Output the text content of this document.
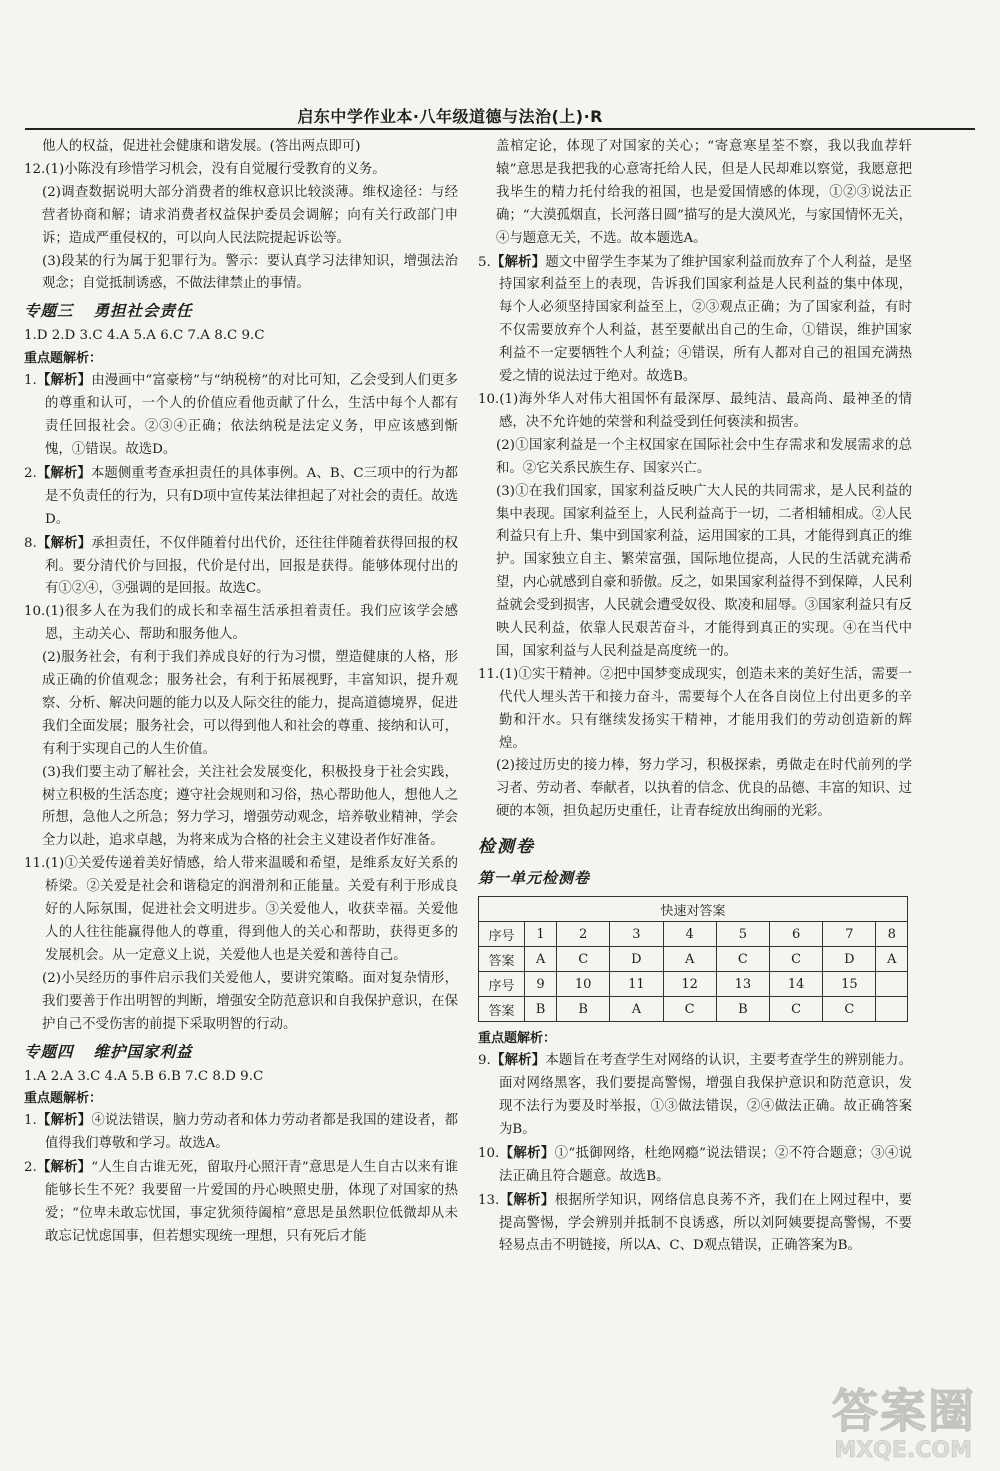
启东中学作业本·八年级道德与法治(上)·R

他人的权益，促进社会健康和谐发展。(答出两点即可)

12.(1)小陈没有珍惜学习机会，没有自觉履行受教育的义务。

(2)调查数据说明大部分消费者的维权意识比较淡薄。维权途径：与经营者协商和解；请求消费者权益保护委员会调解；向有关行政部门申诉；造成严重侵权的，可以向人民法院提起诉讼等。

(3)段某的行为属于犯罪行为。警示：要认真学习法律知识，增强法治观念；自觉抵制诱惑，不做法律禁止的事情。

专题三 勇担社会责任

1.D 2.D 3.C 4.A 5.A 6.C 7.A 8.C 9.C

重点题解析：

1.【解析】由漫画中“富豪榜”与“纳税榜”的对比可知，乙会受到人们更多的尊重和认可，一个人的价值应看他贡献了什么，生活中每个人都有责任回报社会。②③④正确；依法纳税是法定义务，甲应该感到惭愧，①错误。故选D。

2.【解析】本题侧重考查承担责任的具体事例。A、B、C三项中的行为都是不负责任的行为，只有D项中宣传某法律担起了对社会的责任。故选D。

8.【解析】承担责任，不仅伴随着付出代价，还往往伴随着获得回报的权利。要分清代价与回报，代价是付出，回报是获得。能够体现付出的有①②④，③强调的是回报。故选C。

10.(1)很多人在为我们的成长和幸福生活承担着责任。我们应该学会感恩，主动关心、帮助和服务他人。

(2)服务社会，有利于我们养成良好的行为习惯，塑造健康的人格，形成正确的价值观念；服务社会，有利于拓展视野，丰富知识，提升观察、分析、解决问题的能力以及人际交往的能力，提高道德境界，促进我们全面发展；服务社会，可以得到他人和社会的尊重、接纳和认可，有利于实现自己的人生价值。

(3)我们要主动了解社会，关注社会发展变化，积极投身于社会实践，树立积极的生活态度；遵守社会规则和习俗，热心帮助他人，想他人之所想，急他人之所急；努力学习，增强劳动观念，培养敬业精神，学会全力以赴，追求卓越，为将来成为合格的社会主义建设者作好准备。

11.(1)①关爱传递着美好情感，给人带来温暖和希望，是维系友好关系的桥梁。②关爱是社会和谐稳定的润滑剂和正能量。关爱有利于形成良好的人际氛围，促进社会文明进步。③关爱他人，收获幸福。关爱他人的人往往能赢得他人的尊重，得到他人的关心和帮助，获得更多的发展机会。从一定意义上说，关爱他人也是关爱和善待自己。

(2)小吴经历的事件启示我们关爱他人，要讲究策略。面对复杂情形，我们要善于作出明智的判断，增强安全防范意识和自我保护意识，在保护自己不受伤害的前提下采取明智的行动。

专题四 维护国家利益

1.A 2.A 3.C 4.A 5.B 6.B 7.C 8.D 9.C

重点题解析：

1.【解析】④说法错误，脑力劳动者和体力劳动者都是我国的建设者，都值得我们尊敬和学习。故选A。

2.【解析】“人生自古谁无死，留取丹心照汗青”意思是人生自古以来有谁能够长生不死？我要留一片爱国的丹心映照史册，体现了对国家的热爱；“位卑未敢忘忧国，事定犹须待阖棺”意思是虽然职位低微却从未敢忘记忧虑国事，但若想实现统一理想，只有死后才能

盖棺定论，体现了对国家的关心；“寄意寒星荃不察，我以我血荐轩辕”意思是我把我的心意寄托给人民，但是人民却难以察觉，我愿意把我毕生的精力托付给我的祖国，也是爱国情感的体现，①②③说法正确；“大漠孤烟直，长河落日圆”描写的是大漠风光，与家国情怀无关，④与题意无关，不选。故本题选A。

5.【解析】题文中留学生李某为了维护国家利益而放弃了个人利益，是坚持国家利益至上的表现，告诉我们国家利益是人民利益的集中体现，每个人必须坚持国家利益至上，②③观点正确；为了国家利益，有时不仅需要放弃个人利益，甚至要献出自己的生命，①错误，维护国家利益不一定要牺牲个人利益；④错误，所有人都对自己的祖国充满热爱之情的说法过于绝对。故选B。

10.(1)海外华人对伟大祖国怀有最深厚、最纯洁、最高尚、最神圣的情感，决不允许她的荣誉和利益受到任何亵渎和损害。

(2)①国家利益是一个主权国家在国际社会中生存需求和发展需求的总和。②它关系民族生存、国家兴亡。

(3)①在我们国家，国家利益反映广大人民的共同需求，是人民利益的集中表现。国家利益至上，人民利益高于一切，二者相辅相成。②人民利益只有上升、集中到国家利益，运用国家的工具，才能得到真正的维护。国家独立自主、繁荣富强，国际地位提高，人民的生活就充满希望，内心就感到自豪和骄傲。反之，如果国家利益得不到保障，人民利益就会受到损害，人民就会遭受奴役、欺凌和屈辱。③国家利益只有反映人民利益，依靠人民艰苦奋斗，才能得到真正的实现。④在当代中国，国家利益与人民利益是高度统一的。

11.(1)①实干精神。②把中国梦变成现实，创造未来的美好生活，需要一代代人埋头苦干和接力奋斗，需要每个人在各自岗位上付出更多的辛勤和汗水。只有继续发扬实干精神，才能用我们的劳动创造新的辉煌。

(2)接过历史的接力棒，努力学习，积极探索，勇做走在时代前列的学习者、劳动者、奉献者，以执着的信念、优良的品德、丰富的知识、过硬的本领，担负起历史重任，让青春绽放出绚丽的光彩。

检测卷
第一单元检测卷
快速对答案								
序号	1	2	3	4	5	6	7	8
答案	A	C	D	A	C	C	D	A
序号	9	10	11	12	13	14	15	
答案	B	B	A	C	B	C	C	
重点题解析：

9.【解析】本题旨在考查学生对网络的认识，主要考查学生的辨别能力。面对网络黑客，我们要提高警惕，增强自我保护意识和防范意识，发现不法行为要及时举报，①③做法错误，②④做法正确。故正确答案为B。

10.【解析】①“抵御网络，杜绝网瘾”说法错误；②不符合题意；③④说法正确且符合题意。故选B。

13.【解析】根据所学知识，网络信息良莠不齐，我们在上网过程中，要提高警惕，学会辨别并抵制不良诱惑，所以刘阿姨要提高警惕，不要轻易点击不明链接，所以A、C、D观点错误，正确答案为B。

答案圈
MXQE.COM
